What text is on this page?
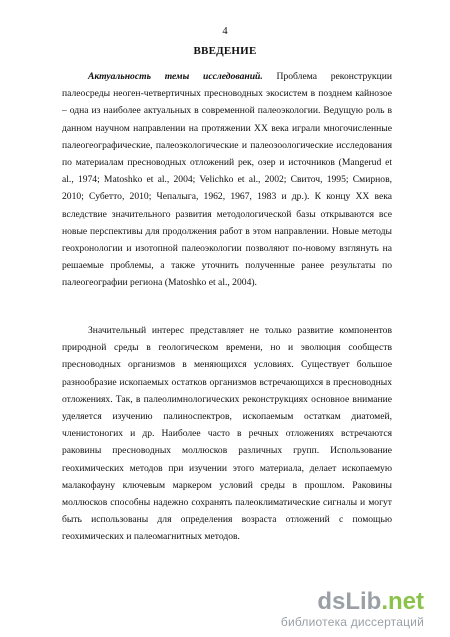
4
ВВЕДЕНИЕ

Актуальность темы исследований. Проблема реконструкции палеосреды неоген-четвертичных пресноводных экосистем в позднем кайнозое – одна из наиболее актуальных в современной палеоэкологии. Ведущую роль в данном научном направлении на протяжении XX века играли многочисленные палеогеографические, палеоэкологические и палеозоологические исследования по материалам пресноводных отложений рек, озер и источников (Mangerud et al., 1974; Matoshko et al., 2004; Velichko et al., 2002; Свиточ, 1995; Смирнов, 2010; Субетто, 2010; Чепалыга, 1962, 1967, 1983 и др.). К концу XX века вследствие значительного развития методологической базы открываются все новые перспективы для продолжения работ в этом направлении. Новые методы геохронологии и изотопной палеоэкологии позволяют по-новому взглянуть на решаемые проблемы, а также уточнить полученные ранее результаты по палеогеографии региона (Matoshko et al., 2004).

Значительный интерес представляет не только развитие компонентов природной среды в геологическом времени, но и эволюция сообществ пресноводных организмов в меняющихся условиях. Существует большое разнообразие ископаемых остатков организмов встречающихся в пресноводных отложениях. Так, в палеолимнологических реконструкциях основное внимание уделяется изучению палиноспектров, ископаемым остаткам диатомей, членистоногих и др. Наиболее часто в речных отложениях встречаются раковины пресноводных моллюсков различных групп. Использование геохимических методов при изучении этого материала, делает ископаемую малакофауну ключевым маркером условий среды в прошлом. Раковины моллюсков способны надежно сохранять палеоклиматические сигналы и могут быть использованы для определения возраста отложений с помощью геохимических и палеомагнитных методов.

dsLib.net
библиотека диссертаций
